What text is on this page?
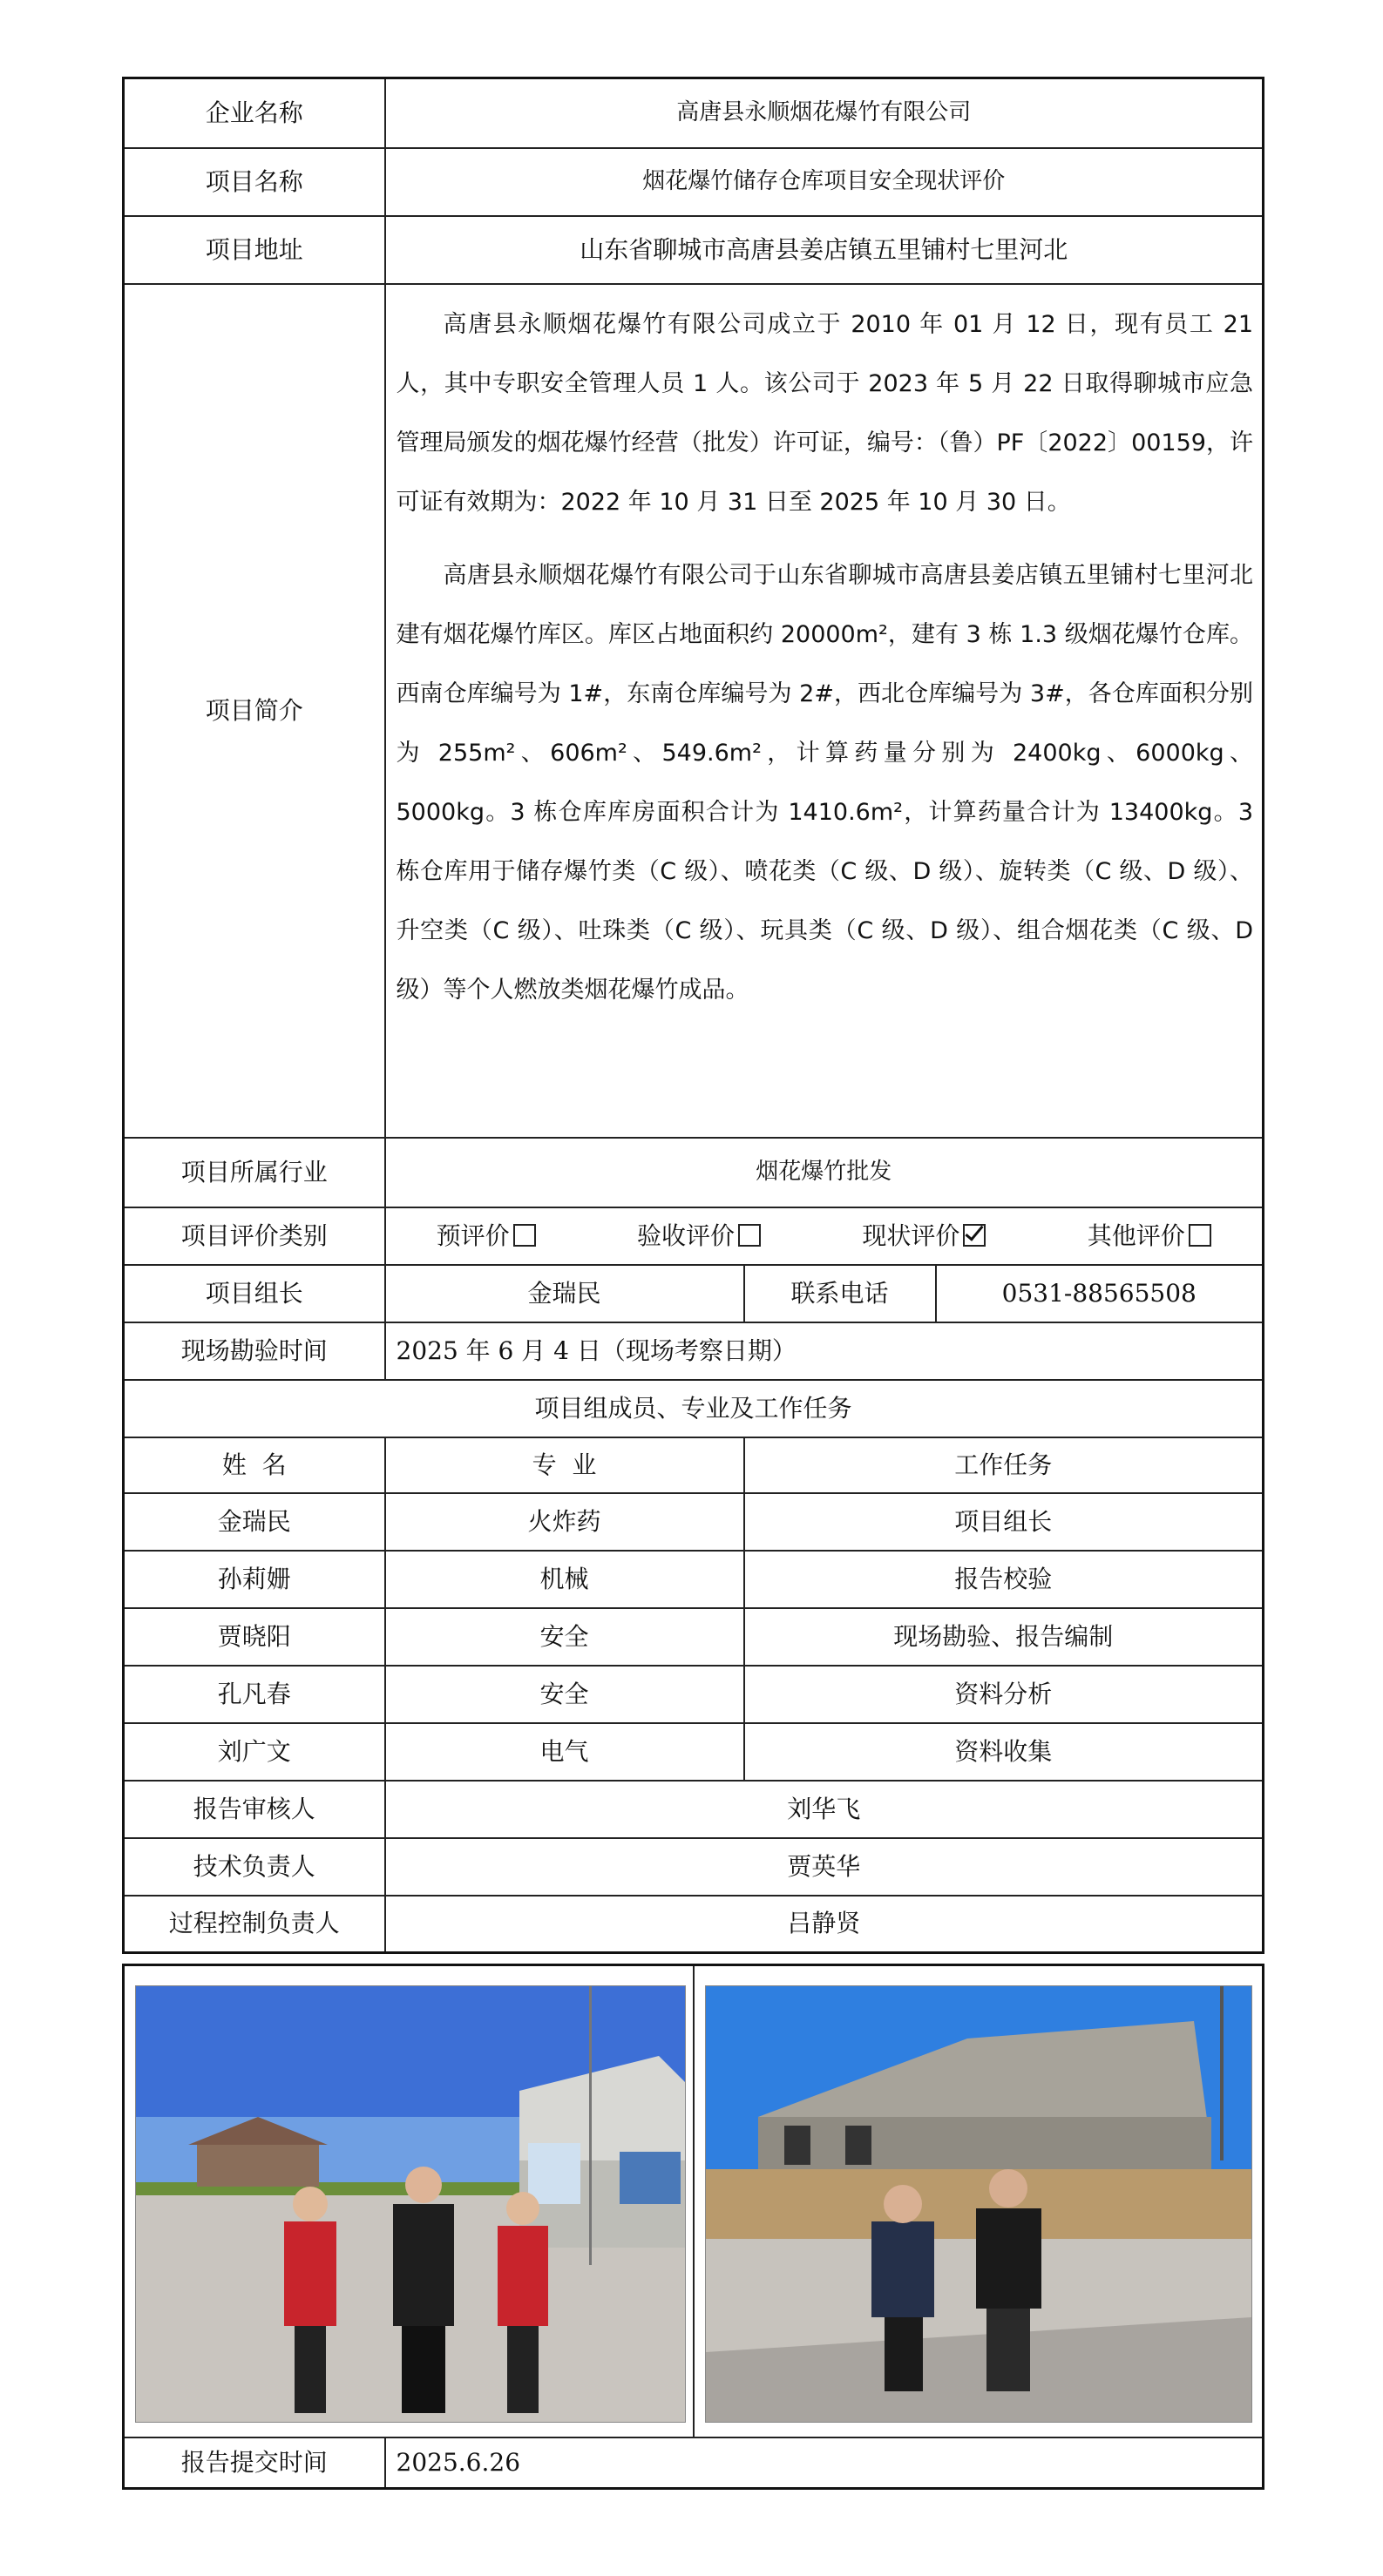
企业名称	高唐县永顺烟花爆竹有限公司		
项目名称	烟花爆竹储存仓库项目安全现状评价		
项目地址	山东省聊城市高唐县姜店镇五里铺村七里河北		
项目简介	高唐县永顺烟花爆竹有限公司成立于 2010 年 01 月 12 日，现有员工 21 人，其中专职安全管理人员 1 人。该公司于 2023 年 5 月 22 日取得聊城市应急管理局颁发的烟花爆竹经营（批发）许可证，编号：（鲁）PF〔2022〕00159，许可证有效期为：2022 年 10 月 31 日至 2025 年 10 月 30 日。

高唐县永顺烟花爆竹有限公司于山东省聊城市高唐县姜店镇五里铺村七里河北建有烟花爆竹库区。库区占地面积约 20000m²，建有 3 栋 1.3 级烟花爆竹仓库。西南仓库编号为 1#，东南仓库编号为 2#，西北仓库编号为 3#，各仓库面积分别为 255m²、606m²、549.6m²，计算药量分别为 2400kg、6000kg、5000kg。3 栋仓库库房面积合计为 1410.6m²，计算药量合计为 13400kg。3 栋仓库用于储存爆竹类（C 级）、喷花类（C 级、D 级）、旋转类（C 级、D 级）、升空类（C 级）、吐珠类（C 级）、玩具类（C 级、D 级）、组合烟花类（C 级、D 级）等个人燃放类烟花爆竹成品。		

项目所属行业	烟花爆竹批发		
项目评价类别	预评价 验收评价 现状评价 其他评价		

项目组长	金瑞民	联系电话	0531-88565508
现场勘验时间	2025 年 6 月 4 日（现场考察日期）		
项目组成员、专业及工作任务			
姓  名	专  业	工作任务	
金瑞民	火炸药	项目组长	
孙莉姗	机械	报告校验	
贾晓阳	安全	现场勘验、报告编制	
孔凡春	安全	资料分析	
刘广文	电气	资料收集	
报告审核人	刘华飞		
技术负责人	贾英华		
过程控制负责人	吕静贤		

报告提交时间	2025.6.26	
